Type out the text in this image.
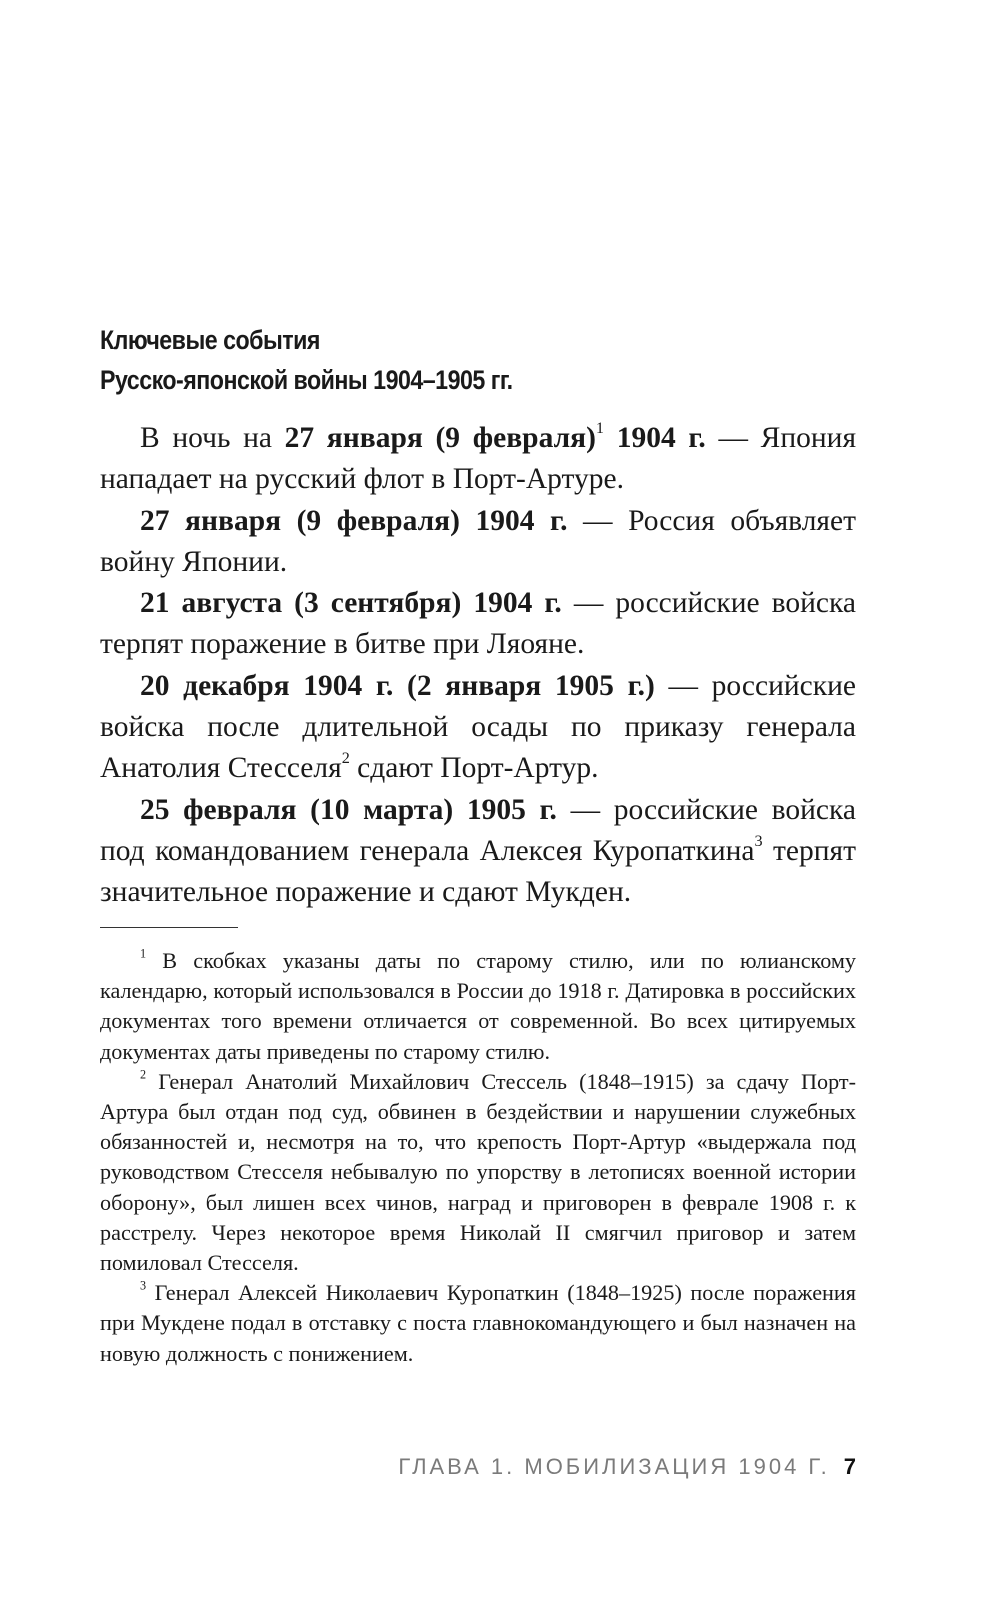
Ключевые события
Русско-японской войны 1904–1905 гг.

В ночь на 27 января (9 февраля)$^1$ 1904 г. — Япония нападает на русский флот в Порт-Артуре.

27 января (9 февраля) 1904 г. — Россия объявляет войну Японии.

21 августа (3 сентября) 1904 г. — российские войска терпят поражение в битве при Ляояне.

20 декабря 1904 г. (2 января 1905 г.) — российские войска после длительной осады по приказу генерала Анатолия Стесселя$^2$ сдают Порт-Артур.

25 февраля (10 марта) 1905 г. — российские войска под командованием генерала Алексея Куропаткина$^3$ терпят значительное поражение и сдают Мукден.

$^1$ В скобках указаны даты по старому стилю, или по юлианскому календарю, который использовался в России до 1918 г. Датировка в российских документах того времени отличается от современной. Во всех цитируемых документах даты приведены по старому стилю.

$^2$ Генерал Анатолий Михайлович Стессель (1848–1915) за сдачу Порт-Артура был отдан под суд, обвинен в бездействии и нарушении служебных обязанностей и, несмотря на то, что крепость Порт-Артур «выдержала под руководством Стесселя небывалую по упорству в летописях военной истории оборону», был лишен всех чинов, наград и приговорен в феврале 1908 г. к расстрелу. Через некоторое время Николай II смягчил приговор и затем помиловал Стесселя.

$^3$ Генерал Алексей Николаевич Куропаткин (1848–1925) после поражения при Мукдене подал в отставку с поста главнокомандующего и был назначен на новую должность с понижением.

ГЛАВА 1. МОБИЛИЗАЦИЯ 1904 Г. 7
